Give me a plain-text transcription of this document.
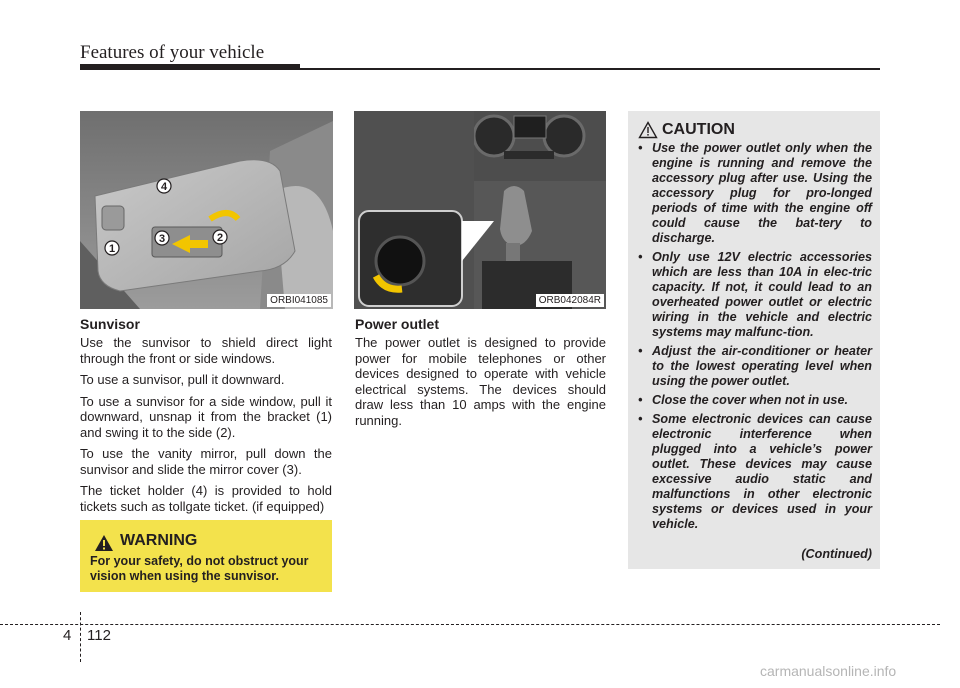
Features of your vehicle
1
2
3
4
ORBI041085	ORB042084R
Sunvisor

Use the sunvisor to shield direct light through the front or side windows.

To use a sunvisor, pull it downward.

To use a sunvisor for a side window, pull it downward, unsnap it from the bracket (1) and swing it to the side (2).

To use the vanity mirror, pull down the sunvisor and slide the mirror cover (3).

The ticket holder (4) is provided to hold tickets such as tollgate ticket. (if equipped)

WARNING
For your safety, do not obstruct your vision when using the sunvisor.
Power outlet
The power outlet is designed to provide power for mobile telephones or other devices designed to operate with vehicle electrical systems. The devices should draw less than 10 amps with the engine running.
CAUTION
• Use the power outlet only when the engine is running and remove the accessory plug after use. Using the accessory plug for pro-longed periods of time with the engine off could cause the bat-tery to discharge.
• Only use 12V electric accessories which are less than 10A in elec-tric capacity. If not, it could lead to an overheated power outlet or electric wiring in the vehicle and electric systems may malfunc-tion.
• Adjust the air-conditioner or heater to the lowest operating level when using the power outlet.
• Close the cover when not in use.
• Some electronic devices can cause electronic interference when plugged into a vehicle’s power outlet. These devices may cause excessive audio static and malfunctions in other electronic systems or devices used in your vehicle.
(Continued)
4 112
carmanualsonline.info
